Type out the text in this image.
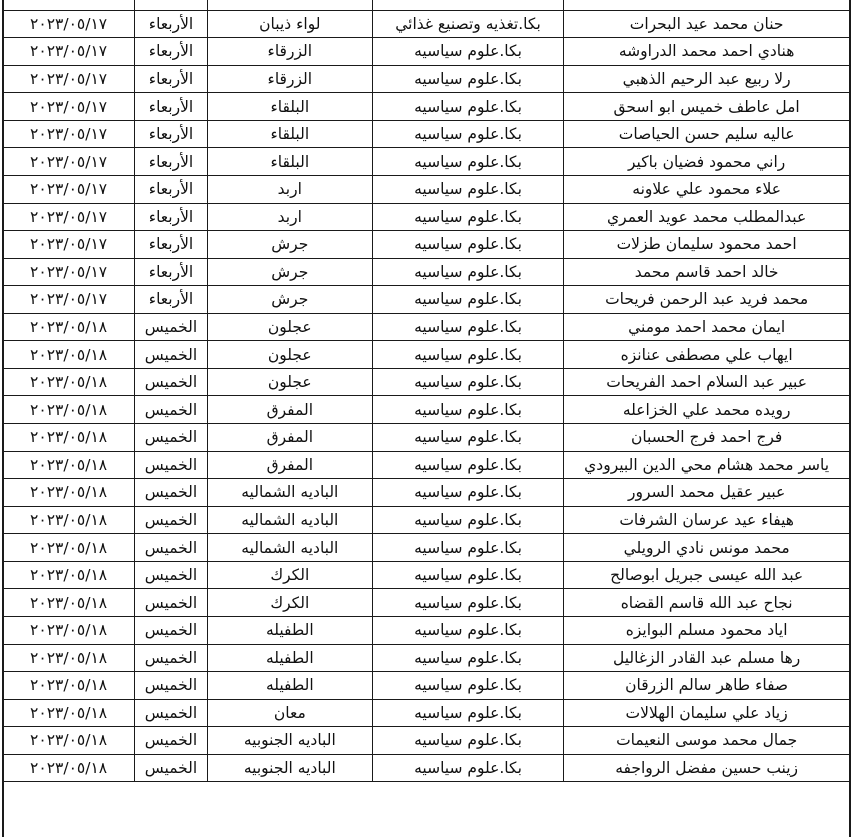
حنان محمد عيد البحرات	بكا.تغذيه وتصنيع غذائي	لواء ذيبان	الأربعاء	٢٠٢٣/٠٥/١٧
هنادي احمد محمد الدراوشه	بكا.علوم سياسيه	الزرقاء	الأربعاء	٢٠٢٣/٠٥/١٧
رلا ربيع عبد الرحيم الذهبي	بكا.علوم سياسيه	الزرقاء	الأربعاء	٢٠٢٣/٠٥/١٧
امل عاطف خميس ابو اسحق	بكا.علوم سياسيه	البلقاء	الأربعاء	٢٠٢٣/٠٥/١٧
عاليه سليم حسن الحياصات	بكا.علوم سياسيه	البلقاء	الأربعاء	٢٠٢٣/٠٥/١٧
راني محمود فضيان باكير	بكا.علوم سياسيه	البلقاء	الأربعاء	٢٠٢٣/٠٥/١٧
علاء محمود علي علاونه	بكا.علوم سياسيه	اربد	الأربعاء	٢٠٢٣/٠٥/١٧
عبدالمطلب محمد عويد العمري	بكا.علوم سياسيه	اربد	الأربعاء	٢٠٢٣/٠٥/١٧
احمد محمود سليمان طزلات	بكا.علوم سياسيه	جرش	الأربعاء	٢٠٢٣/٠٥/١٧
خالد احمد قاسم محمد	بكا.علوم سياسيه	جرش	الأربعاء	٢٠٢٣/٠٥/١٧
محمد فريد عبد الرحمن فريحات	بكا.علوم سياسيه	جرش	الأربعاء	٢٠٢٣/٠٥/١٧
ايمان محمد احمد مومني	بكا.علوم سياسيه	عجلون	الخميس	٢٠٢٣/٠٥/١٨
ايهاب علي مصطفى عنانزه	بكا.علوم سياسيه	عجلون	الخميس	٢٠٢٣/٠٥/١٨
عبير عبد السلام احمد الفريحات	بكا.علوم سياسيه	عجلون	الخميس	٢٠٢٣/٠٥/١٨
رويده محمد علي الخزاعله	بكا.علوم سياسيه	المفرق	الخميس	٢٠٢٣/٠٥/١٨
فرج احمد فرج الحسبان	بكا.علوم سياسيه	المفرق	الخميس	٢٠٢٣/٠٥/١٨
ياسر محمد هشام محي الدين البيرودي	بكا.علوم سياسيه	المفرق	الخميس	٢٠٢٣/٠٥/١٨
عبير عقيل محمد السرور	بكا.علوم سياسيه	الباديه الشماليه	الخميس	٢٠٢٣/٠٥/١٨
هيفاء عيد عرسان الشرفات	بكا.علوم سياسيه	الباديه الشماليه	الخميس	٢٠٢٣/٠٥/١٨
محمد مونس نادي الرويلي	بكا.علوم سياسيه	الباديه الشماليه	الخميس	٢٠٢٣/٠٥/١٨
عبد الله عيسى جبريل ابوصالح	بكا.علوم سياسيه	الكرك	الخميس	٢٠٢٣/٠٥/١٨
نجاح عبد الله قاسم القضاه	بكا.علوم سياسيه	الكرك	الخميس	٢٠٢٣/٠٥/١٨
اياد محمود مسلم البوايزه	بكا.علوم سياسيه	الطفيله	الخميس	٢٠٢٣/٠٥/١٨
رها مسلم عبد القادر الزغاليل	بكا.علوم سياسيه	الطفيله	الخميس	٢٠٢٣/٠٥/١٨
صفاء طاهر سالم الزرقان	بكا.علوم سياسيه	الطفيله	الخميس	٢٠٢٣/٠٥/١٨
زياد علي سليمان الهلالات	بكا.علوم سياسيه	معان	الخميس	٢٠٢٣/٠٥/١٨
جمال محمد موسى النعيمات	بكا.علوم سياسيه	الباديه الجنوبيه	الخميس	٢٠٢٣/٠٥/١٨
زينب حسين مفضل الرواجفه	بكا.علوم سياسيه	الباديه الجنوبيه	الخميس	٢٠٢٣/٠٥/١٨
